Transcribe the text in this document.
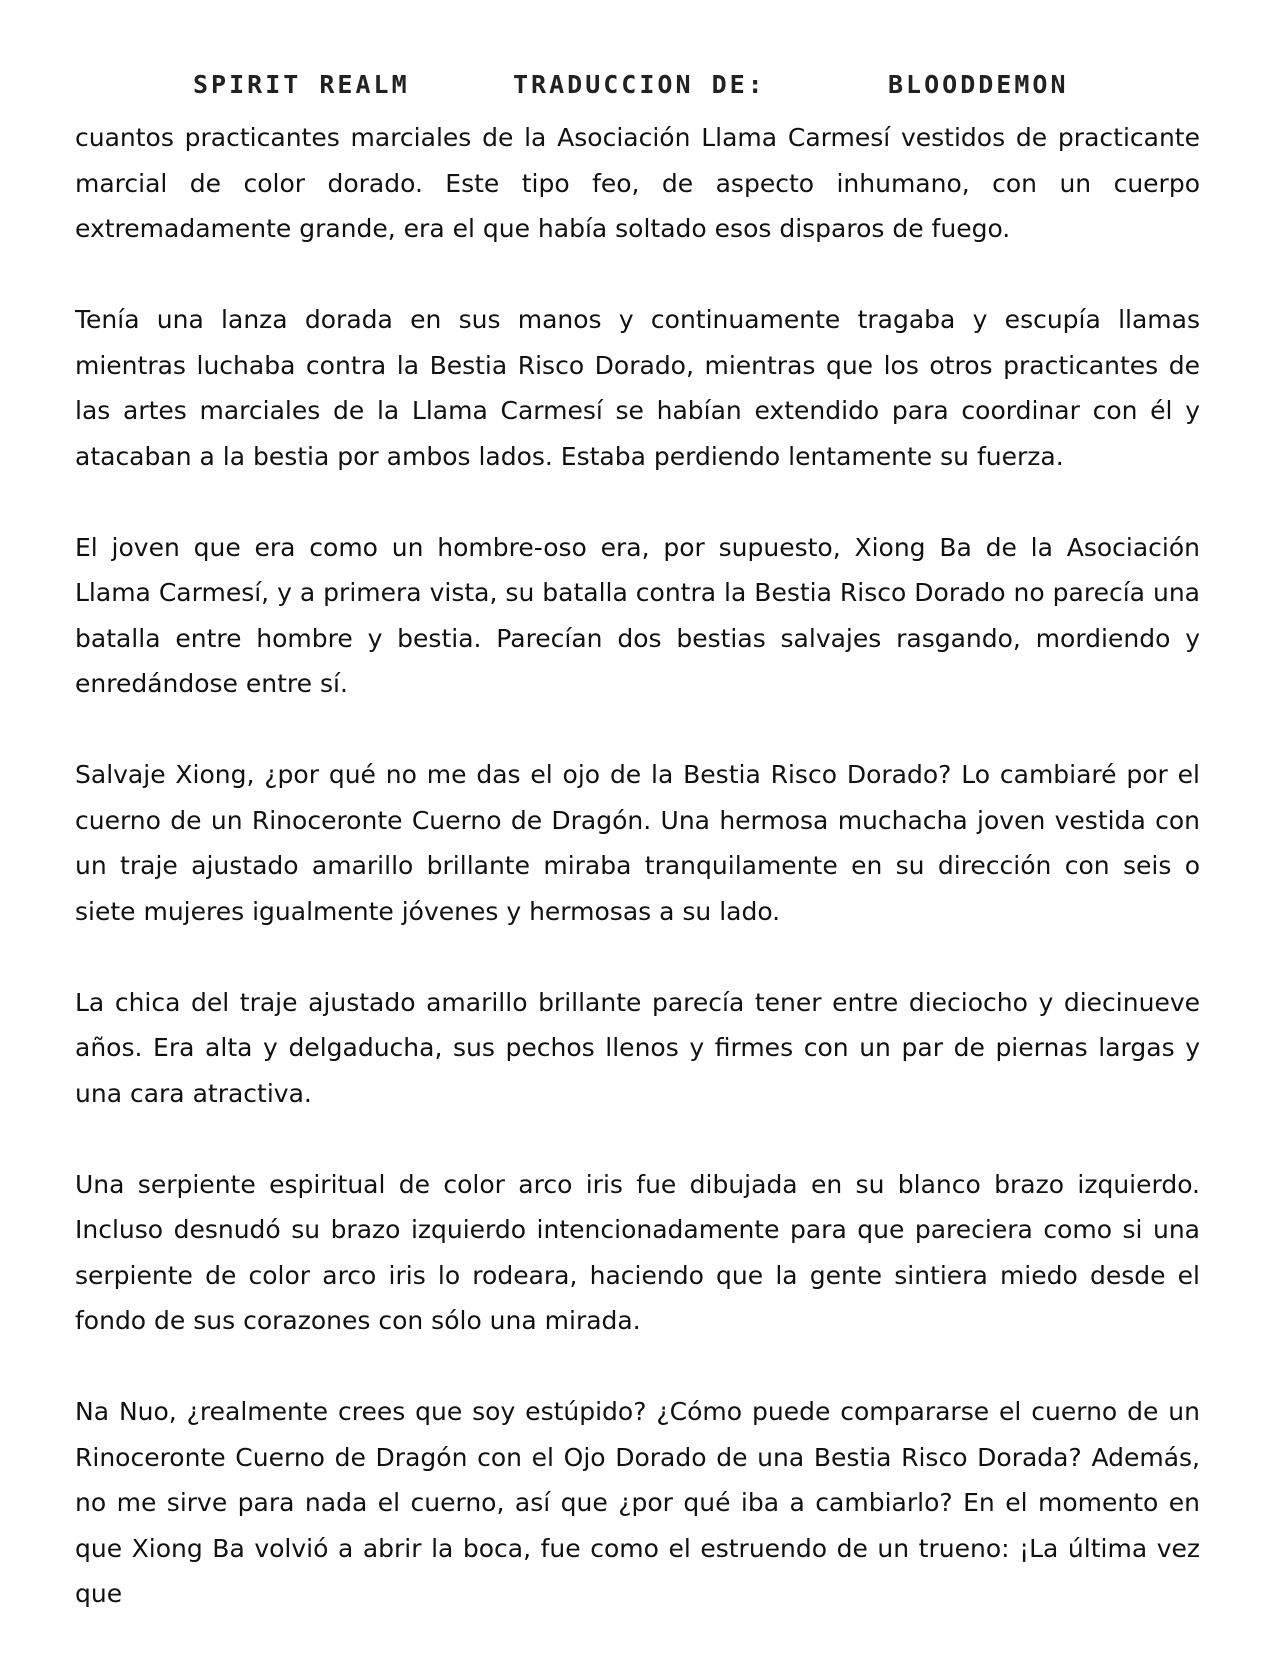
SPIRIT REALM	TRADUCCION DE:	BLOODDEMON

cuantos practicantes marciales de la Asociación Llama Carmesí vestidos de practicante marcial de color dorado. Este tipo feo, de aspecto inhumano, con un cuerpo extremadamente grande, era el que había soltado esos disparos de fuego.

Tenía una lanza dorada en sus manos y continuamente tragaba y escupía llamas mientras luchaba contra la Bestia Risco Dorado, mientras que los otros practicantes de las artes marciales de la Llama Carmesí se habían extendido para coordinar con él y atacaban a la bestia por ambos lados. Estaba perdiendo lentamente su fuerza.

El joven que era como un hombre-oso era, por supuesto, Xiong Ba de la Asociación Llama Carmesí, y a primera vista, su batalla contra la Bestia Risco Dorado no parecía una batalla entre hombre y bestia. Parecían dos bestias salvajes rasgando, mordiendo y enredándose entre sí.

Salvaje Xiong, ¿por qué no me das el ojo de la Bestia Risco Dorado? Lo cambiaré por el cuerno de un Rinoceronte Cuerno de Dragón. Una hermosa muchacha joven vestida con un traje ajustado amarillo brillante miraba tranquilamente en su dirección con seis o siete mujeres igualmente jóvenes y hermosas a su lado.

La chica del traje ajustado amarillo brillante parecía tener entre dieciocho y diecinueve años. Era alta y delgaducha, sus pechos llenos y firmes con un par de piernas largas y una cara atractiva.

Una serpiente espiritual de color arco iris fue dibujada en su blanco brazo izquierdo. Incluso desnudó su brazo izquierdo intencionadamente para que pareciera como si una serpiente de color arco iris lo rodeara, haciendo que la gente sintiera miedo desde el fondo de sus corazones con sólo una mirada.

Na Nuo, ¿realmente crees que soy estúpido? ¿Cómo puede compararse el cuerno de un Rinoceronte Cuerno de Dragón con el Ojo Dorado de una Bestia Risco Dorada? Además, no me sirve para nada el cuerno, así que ¿por qué iba a cambiarlo? En el momento en que Xiong Ba volvió a abrir la boca, fue como el estruendo de un trueno: ¡La última vez que
